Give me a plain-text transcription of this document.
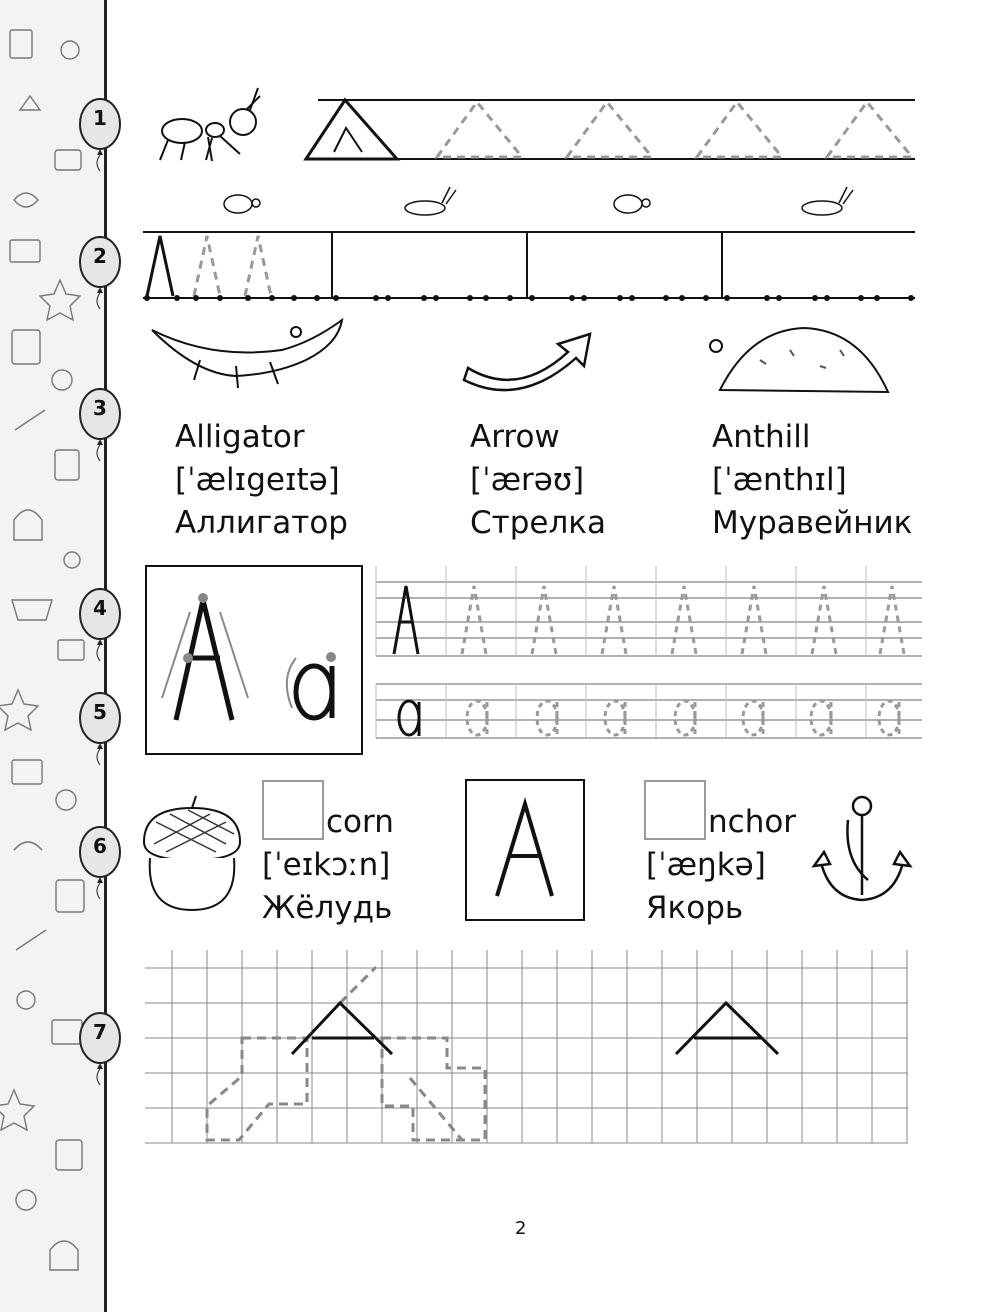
1
2
3
4
5
6
7
Alligator
[ˈælɪgeɪtə]
Аллигатор
Arrow
[ˈærəʊ]
Стрелка
Anthill
[ˈænthɪl]
Муравейник
corn
[ˈeɪkɔːn]
Жёлудь
nchor
[ˈæŋkə]
Якорь
2
